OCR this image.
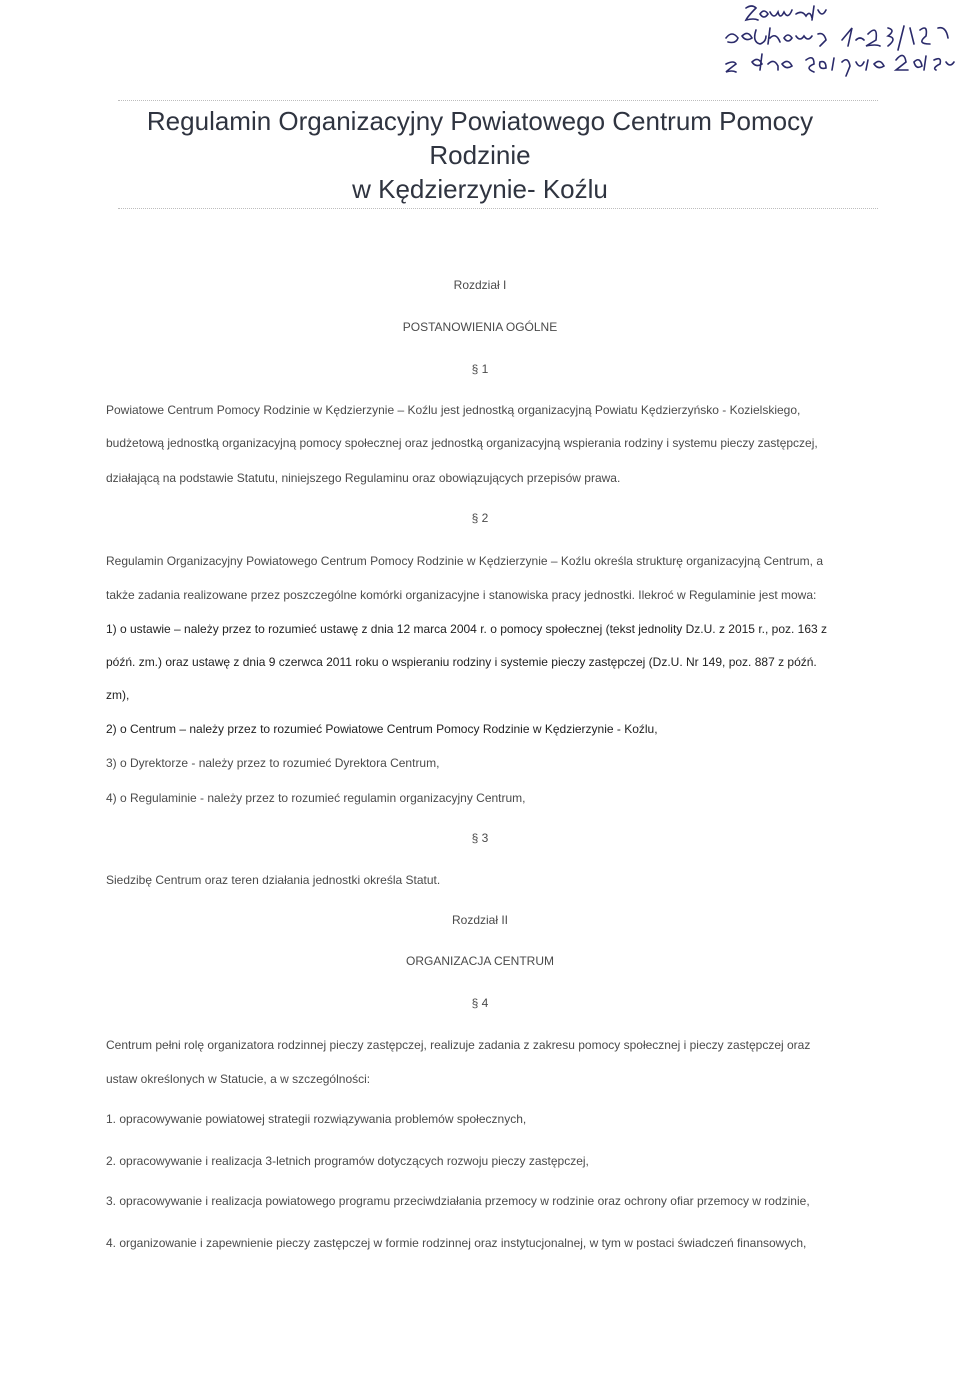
Regulamin Organizacyjny Powiatowego Centrum Pomocy
Rodzinie
w Kędzierzynie- Koźlu
Rozdział I
POSTANOWIENIA OGÓLNE
§ 1
Powiatowe Centrum Pomocy Rodzinie w Kędzierzynie – Koźlu jest jednostką organizacyjną Powiatu Kędzierzyńsko - Kozielskiego,
budżetową jednostką organizacyjną pomocy społecznej oraz jednostką organizacyjną wspierania rodziny i systemu pieczy zastępczej,
działającą na podstawie Statutu, niniejszego Regulaminu oraz obowiązujących przepisów prawa.
§ 2
Regulamin Organizacyjny Powiatowego Centrum Pomocy Rodzinie w Kędzierzynie – Koźlu określa strukturę organizacyjną Centrum, a
także zadania realizowane przez poszczególne komórki organizacyjne i stanowiska pracy jednostki. Ilekroć w Regulaminie jest mowa:
1) o ustawie – należy przez to rozumieć ustawę z dnia 12 marca 2004 r. o pomocy społecznej (tekst jednolity Dz.U. z 2015 r., poz. 163 z
późń. zm.) oraz ustawę z dnia 9 czerwca 2011 roku o wspieraniu rodziny i systemie pieczy zastępczej (Dz.U. Nr 149, poz. 887 z późń.
zm),
2) o Centrum – należy przez to rozumieć Powiatowe Centrum Pomocy Rodzinie w Kędzierzynie - Koźlu,
3) o Dyrektorze - należy przez to rozumieć Dyrektora Centrum,
4) o Regulaminie - należy przez to rozumieć regulamin organizacyjny Centrum,
§ 3
Siedzibę Centrum oraz teren działania jednostki określa Statut.
Rozdział II
ORGANIZACJA CENTRUM
§ 4
Centrum pełni rolę organizatora rodzinnej pieczy zastępczej, realizuje zadania z zakresu pomocy społecznej i pieczy zastępczej oraz
ustaw określonych w Statucie, a w szczególności:
1. opracowywanie powiatowej strategii rozwiązywania problemów społecznych,
2. opracowywanie i realizacja 3-letnich programów dotyczących rozwoju pieczy zastępczej,
3. opracowywanie i realizacja powiatowego programu przeciwdziałania przemocy w rodzinie oraz ochrony ofiar przemocy w rodzinie,
4. organizowanie i zapewnienie pieczy zastępczej w formie rodzinnej oraz instytucjonalnej, w tym w postaci świadczeń finansowych,
